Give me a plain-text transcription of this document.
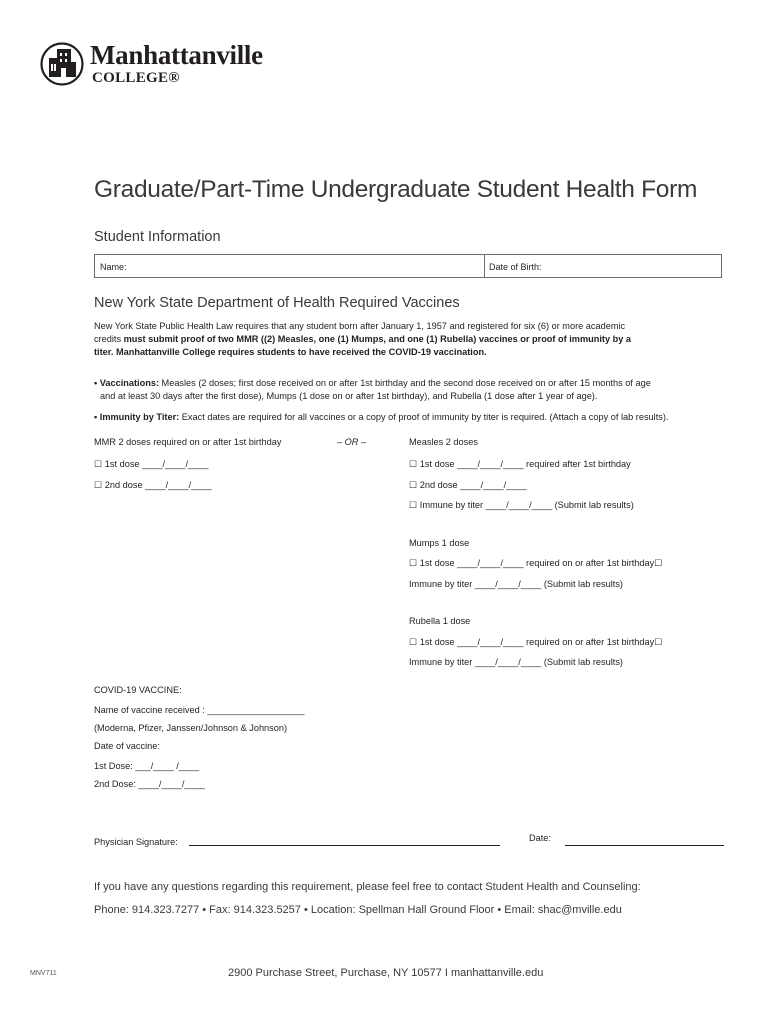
Manhattanville
COLLEGE®
Graduate/Part-Time Undergraduate Student Health Form
Student Information
Name:	Date of Birth:
New York State Department of Health Required Vaccines
New York State Public Health Law requires that any student born after January 1, 1957 and registered for six (6) or more academic
credits must submit proof of two MMR ((2) Measles, one (1) Mumps, and one (1) Rubella) vaccines or proof of immunity by a
titer. Manhattanville College requires students to have received the COVID-19 vaccination.
• Vaccinations: Measles (2 doses; first dose received on or after 1st birthday and the second dose received on or after 15 months of age
and at least 30 days after the first dose), Mumps (1 dose on or after 1st birthday), and Rubella (1 dose after 1 year of age).
• Immunity by Titer: Exact dates are required for all vaccines or a copy of proof of immunity by titer is required. (Attach a copy of lab results).
MMR 2 doses required on or after 1st birthday	– OR –
☐ 1st dose ____/____/____
☐ 2nd dose ____/____/____
Measles 2 doses
☐ 1st dose ____/____/____ required after 1st birthday
☐ 2nd dose ____/____/____
☐ Immune by titer ____/____/____ (Submit lab results)
Mumps 1 dose
☐ 1st dose ____/____/____ required on or after 1st birthday☐
Immune by titer ____/____/____ (Submit lab results)
Rubella 1 dose
☐ 1st dose ____/____/____ required on or after 1st birthday☐
Immune by titer ____/____/____ (Submit lab results)
COVID-19 VACCINE:
Name of vaccine received : ___________________
(Moderna, Pfizer, Janssen/Johnson & Johnson)
Date of vaccine:
1st Dose: ___/____ /____
2nd Dose: ____/____/____
Physician Signature:	Date:
If you have any questions regarding this requirement, please feel free to contact Student Health and Counseling:
Phone: 914.323.7277 • Fax: 914.323.5257 • Location: Spellman Hall Ground Floor • Email: shac@mville.edu
MNV711	2900 Purchase Street, Purchase, NY 10577 I manhattanville.edu
